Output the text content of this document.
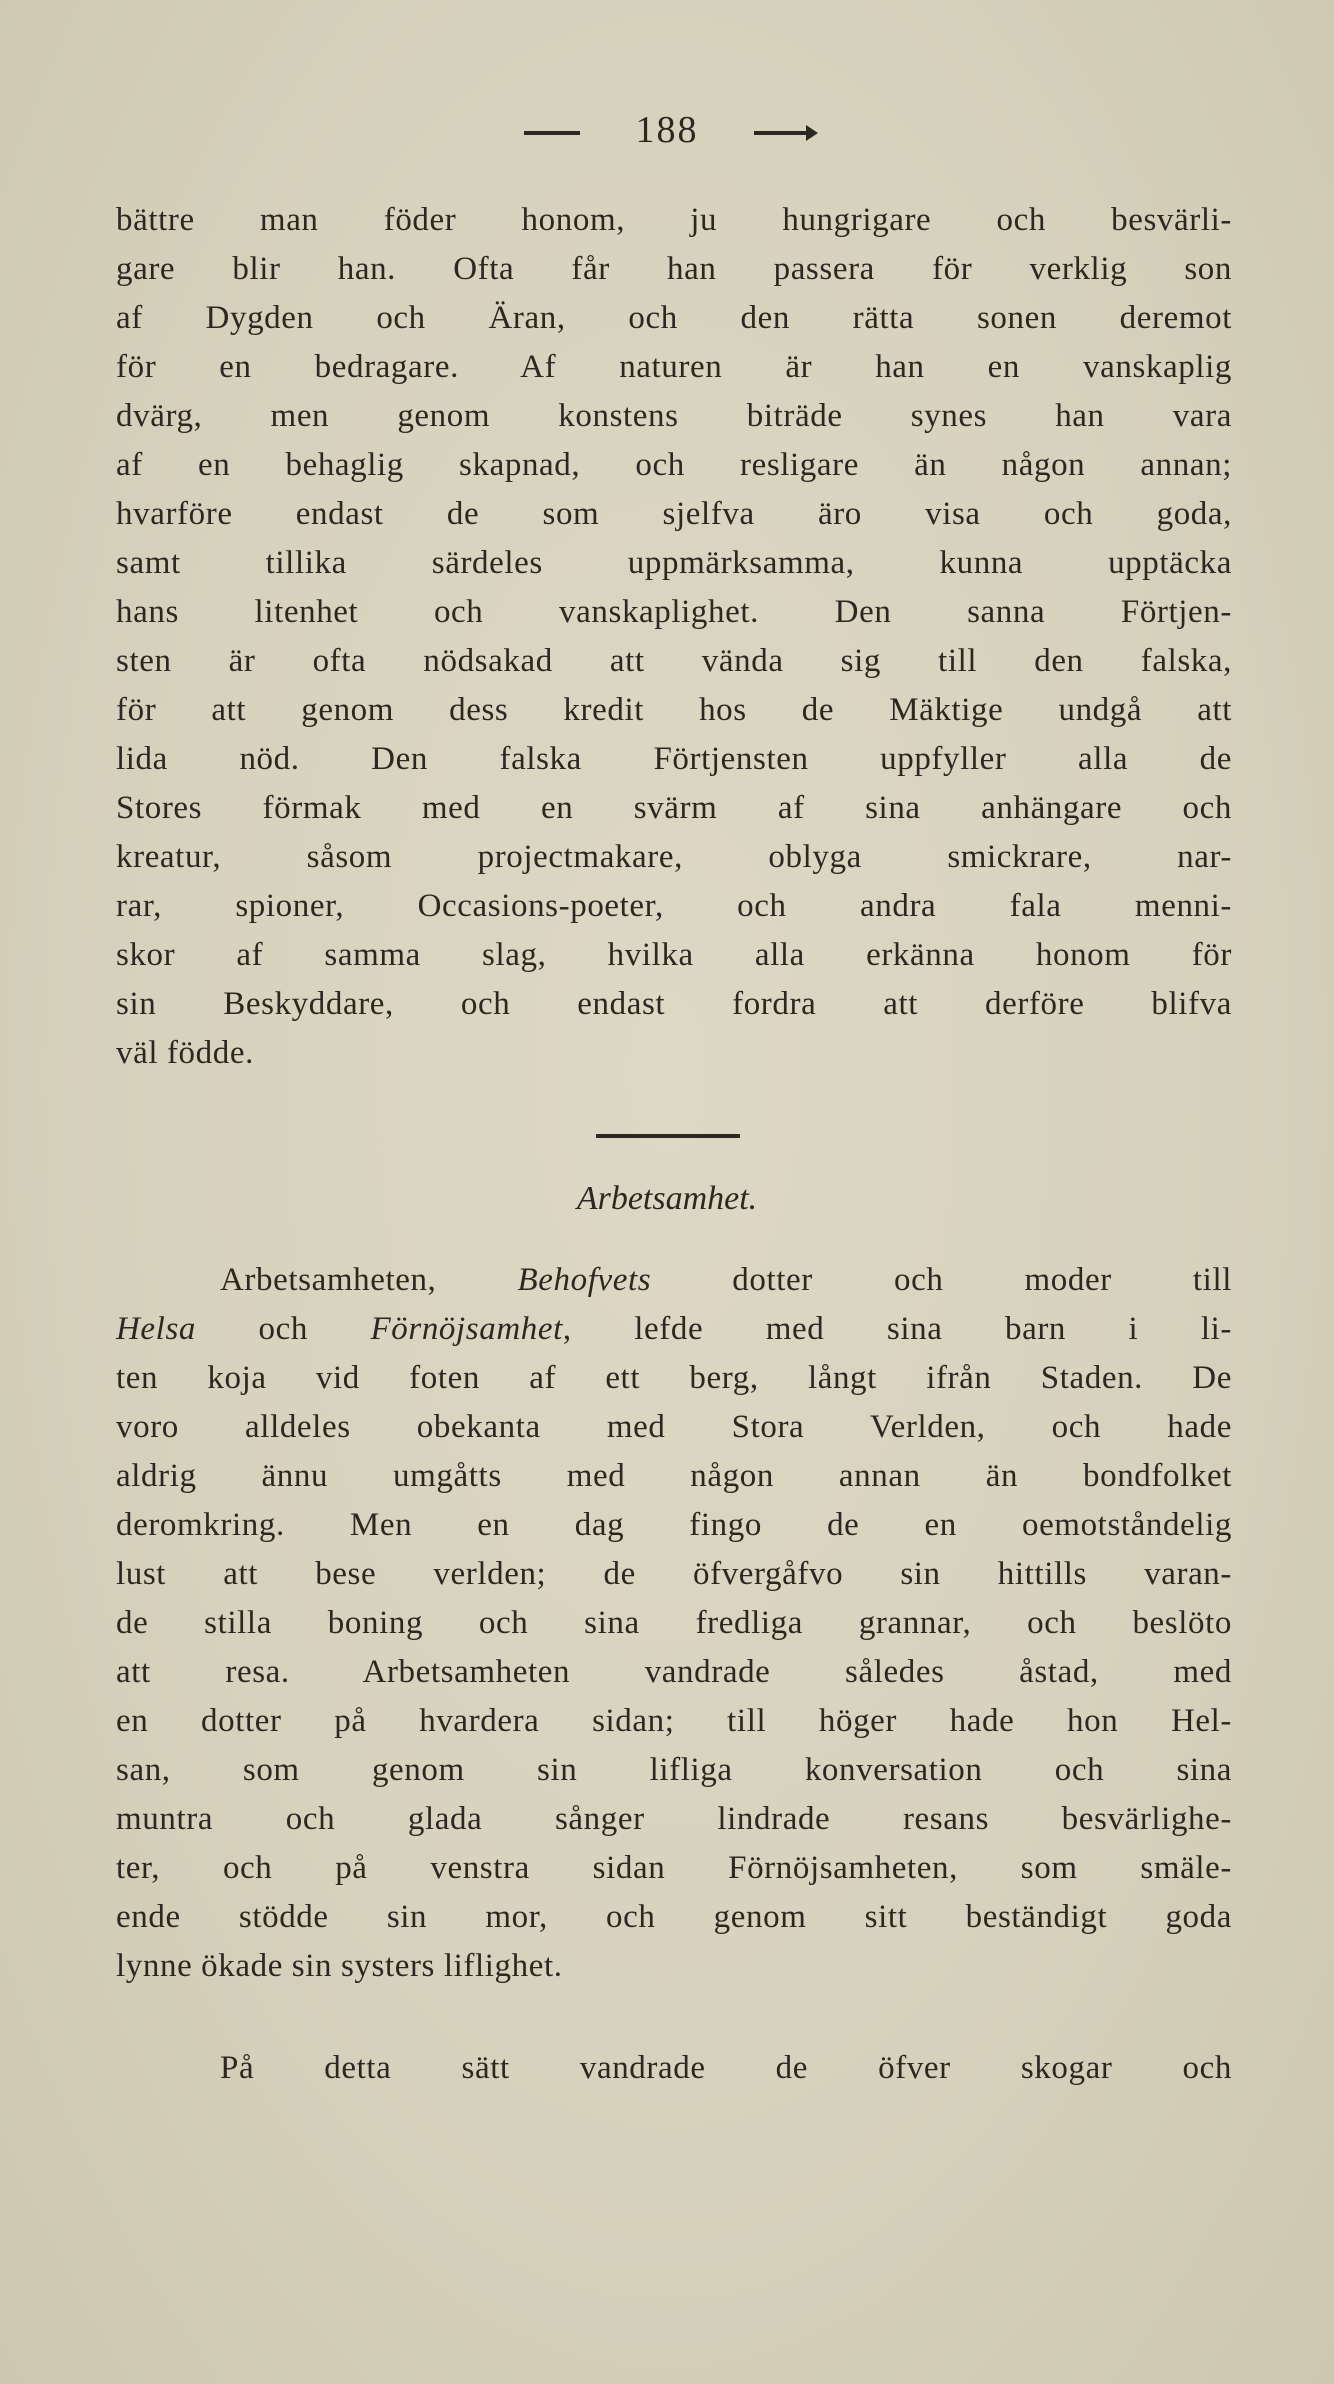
188
bättre man föder honom, ju hungrigare och besvärli-
gare blir han. Ofta får han passera för verklig son
af Dygden och Äran, och den rätta sonen deremot
för en bedragare. Af naturen är han en vanskaplig
dvärg, men genom konstens biträde synes han vara
af en behaglig skapnad, och resligare än någon annan;
hvarföre endast de som sjelfva äro visa och goda,
samt tillika särdeles uppmärksamma, kunna upptäcka
hans litenhet och vanskaplighet. Den sanna Förtjen-
sten är ofta nödsakad att vända sig till den falska,
för att genom dess kredit hos de Mäktige undgå att
lida nöd. Den falska Förtjensten uppfyller alla de
Stores förmak med en svärm af sina anhängare och
kreatur, såsom projectmakare, oblyga smickrare, nar-
rar, spioner, Occasions-poeter, och andra fala menni-
skor af samma slag, hvilka alla erkänna honom för
sin Beskyddare, och endast fordra att derföre blifva
väl födde.
Arbetsamhet.
Arbetsamheten, Behofvets dotter och moder till
Helsa och Förnöjsamhet, lefde med sina barn i li-
ten koja vid foten af ett berg, långt ifrån Staden. De
voro alldeles obekanta med Stora Verlden, och hade
aldrig ännu umgåtts med någon annan än bondfolket
deromkring. Men en dag fingo de en oemotståndelig
lust att bese verlden; de öfvergåfvo sin hittills varan-
de stilla boning och sina fredliga grannar, och beslöto
att resa. Arbetsamheten vandrade således åstad, med
en dotter på hvardera sidan; till höger hade hon Hel-
san, som genom sin lifliga konversation och sina
muntra och glada sånger lindrade resans besvärlighe-
ter, och på venstra sidan Förnöjsamheten, som smäle-
ende stödde sin mor, och genom sitt beständigt goda
lynne ökade sin systers liflighet.
På detta sätt vandrade de öfver skogar och
